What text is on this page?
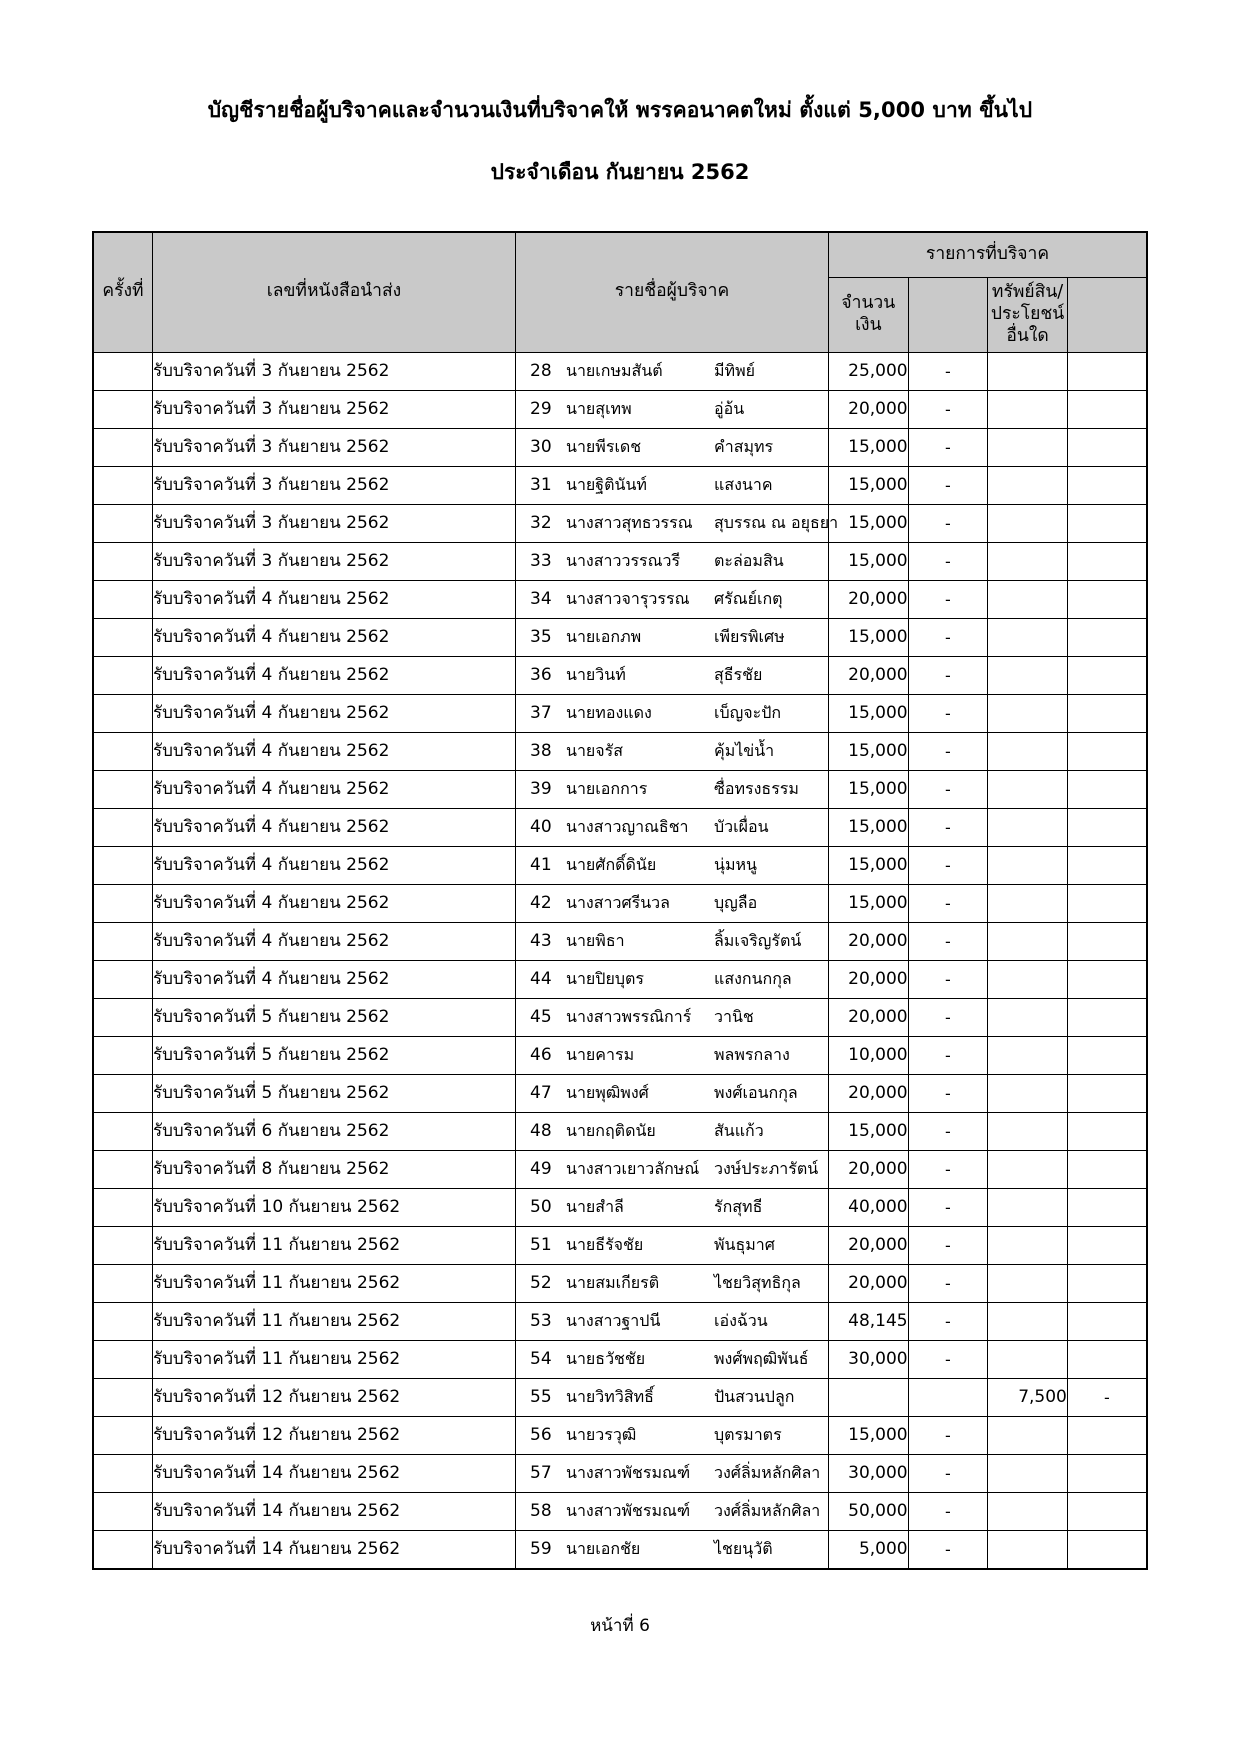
บัญชีรายชื่อผู้บริจาคและจำนวนเงินที่บริจาคให้ พรรคอนาคตใหม่ ตั้งแต่ 5,000 บาท ขึ้นไป
ประจำเดือน กันยายน 2562
ครั้งที่	เลขที่หนังสือนำส่ง	รายชื่อผู้บริจาค	รายการที่บริจาค			
			จำนวนเงิน		ทรัพย์สิน/
ประโยชน์อื่นใด	
	รับบริจาควันที่ 3 กันยายน 2562	28 นายเกษมสันต์ มีทิพย์	25,000	-		
	รับบริจาควันที่ 3 กันยายน 2562	29 นายสุเทพ อู่อ้น	20,000	-		
	รับบริจาควันที่ 3 กันยายน 2562	30 นายพีรเดช คำสมุทร	15,000	-		
	รับบริจาควันที่ 3 กันยายน 2562	31 นายฐิตินันท์ แสงนาค	15,000	-		
	รับบริจาควันที่ 3 กันยายน 2562	32 นางสาวสุทธวรรณ สุบรรณ ณ อยุธยา	15,000	-		
	รับบริจาควันที่ 3 กันยายน 2562	33 นางสาววรรณวรี ตะล่อมสิน	15,000	-		
	รับบริจาควันที่ 4 กันยายน 2562	34 นางสาวจารุวรรณ ศรัณย์เกตุ	20,000	-		
	รับบริจาควันที่ 4 กันยายน 2562	35 นายเอกภพ เพียรพิเศษ	15,000	-		
	รับบริจาควันที่ 4 กันยายน 2562	36 นายวินท์ สุธีรชัย	20,000	-		
	รับบริจาควันที่ 4 กันยายน 2562	37 นายทองแดง เบ็ญจะปัก	15,000	-		
	รับบริจาควันที่ 4 กันยายน 2562	38 นายจรัส คุ้มไข่น้ำ	15,000	-		
	รับบริจาควันที่ 4 กันยายน 2562	39 นายเอกการ ซื่อทรงธรรม	15,000	-		
	รับบริจาควันที่ 4 กันยายน 2562	40 นางสาวญาณธิชา บัวเผื่อน	15,000	-		
	รับบริจาควันที่ 4 กันยายน 2562	41 นายศักดิ์ดินัย นุ่มหนู	15,000	-		
	รับบริจาควันที่ 4 กันยายน 2562	42 นางสาวศรีนวล บุญลือ	15,000	-		
	รับบริจาควันที่ 4 กันยายน 2562	43 นายพิธา ลิ้มเจริญรัตน์	20,000	-		
	รับบริจาควันที่ 4 กันยายน 2562	44 นายปิยบุตร แสงกนกกุล	20,000	-		
	รับบริจาควันที่ 5 กันยายน 2562	45 นางสาวพรรณิการ์ วานิช	20,000	-		
	รับบริจาควันที่ 5 กันยายน 2562	46 นายคารม พลพรกลาง	10,000	-		
	รับบริจาควันที่ 5 กันยายน 2562	47 นายพุฒิพงศ์ พงศ์เอนกกุล	20,000	-		
	รับบริจาควันที่ 6 กันยายน 2562	48 นายกฤติดนัย สันแก้ว	15,000	-		
	รับบริจาควันที่ 8 กันยายน 2562	49 นางสาวเยาวลักษณ์ วงษ์ประภารัตน์	20,000	-		
	รับบริจาควันที่ 10 กันยายน 2562	50 นายสำลี รักสุทธี	40,000	-		
	รับบริจาควันที่ 11 กันยายน 2562	51 นายธีรัจชัย พันธุมาศ	20,000	-		
	รับบริจาควันที่ 11 กันยายน 2562	52 นายสมเกียรติ ไชยวิสุทธิกุล	20,000	-		
	รับบริจาควันที่ 11 กันยายน 2562	53 นางสาวฐาปนี เอ่งฉ้วน	48,145	-		
	รับบริจาควันที่ 11 กันยายน 2562	54 นายธวัชชัย พงศ์พฤฒิพันธ์	30,000	-		
	รับบริจาควันที่ 12 กันยายน 2562	55 นายวิทวิสิทธิ์ ปันสวนปลูก			7,500	-
	รับบริจาควันที่ 12 กันยายน 2562	56 นายวรวุฒิ บุตรมาตร	15,000	-		
	รับบริจาควันที่ 14 กันยายน 2562	57 นางสาวพัชรมณฑ์ วงศ์ลิ่มหลักศิลา	30,000	-		
	รับบริจาควันที่ 14 กันยายน 2562	58 นางสาวพัชรมณฑ์ วงศ์ลิ่มหลักศิลา	50,000	-		
	รับบริจาควันที่ 14 กันยายน 2562	59 นายเอกชัย ไชยนุวัติ	5,000	-		
หน้าที่ 6
